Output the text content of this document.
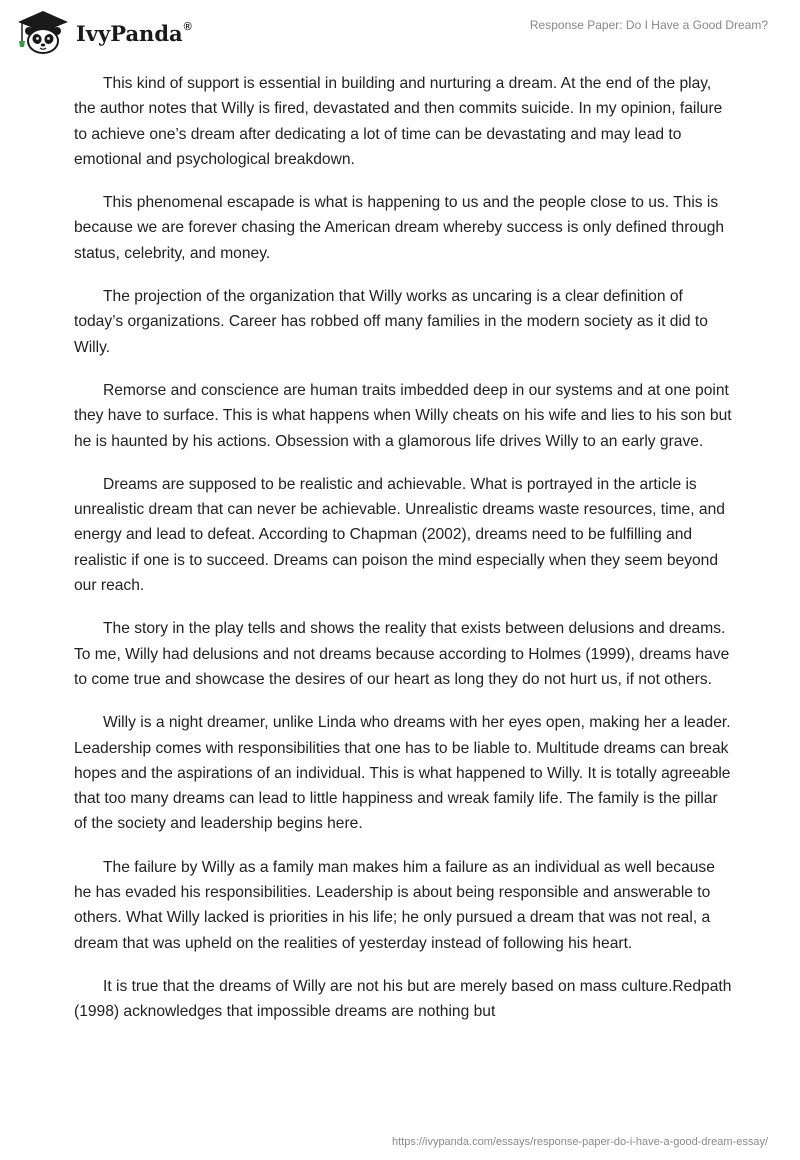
IvyPanda®	Response Paper: Do I Have a Good Dream?

This kind of support is essential in building and nurturing a dream. At the end of the play, the author notes that Willy is fired, devastated and then commits suicide. In my opinion, failure to achieve one’s dream after dedicating a lot of time can be devastating and may lead to emotional and psychological breakdown.

This phenomenal escapade is what is happening to us and the people close to us. This is because we are forever chasing the American dream whereby success is only defined through status, celebrity, and money.

The projection of the organization that Willy works as uncaring is a clear definition of today’s organizations. Career has robbed off many families in the modern society as it did to Willy.

Remorse and conscience are human traits imbedded deep in our systems and at one point they have to surface. This is what happens when Willy cheats on his wife and lies to his son but he is haunted by his actions. Obsession with a glamorous life drives Willy to an early grave.

Dreams are supposed to be realistic and achievable. What is portrayed in the article is unrealistic dream that can never be achievable. Unrealistic dreams waste resources, time, and energy and lead to defeat. According to Chapman (2002), dreams need to be fulfilling and realistic if one is to succeed. Dreams can poison the mind especially when they seem beyond our reach.

The story in the play tells and shows the reality that exists between delusions and dreams. To me, Willy had delusions and not dreams because according to Holmes (1999), dreams have to come true and showcase the desires of our heart as long they do not hurt us, if not others.

Willy is a night dreamer, unlike Linda who dreams with her eyes open, making her a leader. Leadership comes with responsibilities that one has to be liable to. Multitude dreams can break hopes and the aspirations of an individual. This is what happened to Willy. It is totally agreeable that too many dreams can lead to little happiness and wreak family life. The family is the pillar of the society and leadership begins here.

The failure by Willy as a family man makes him a failure as an individual as well because he has evaded his responsibilities. Leadership is about being responsible and answerable to others. What Willy lacked is priorities in his life; he only pursued a dream that was not real, a dream that was upheld on the realities of yesterday instead of following his heart.

It is true that the dreams of Willy are not his but are merely based on mass culture.Redpath (1998) acknowledges that impossible dreams are nothing but

https://ivypanda.com/essays/response-paper-do-i-have-a-good-dream-essay/
